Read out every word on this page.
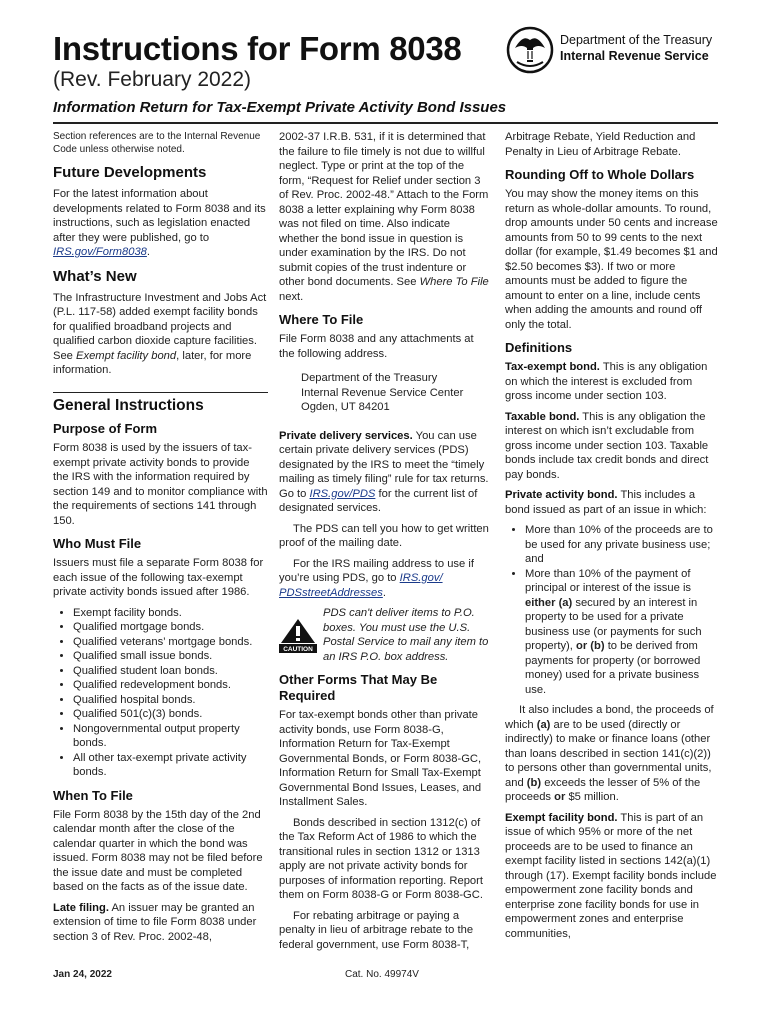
Instructions for Form 8038
(Rev. February 2022)
Information Return for Tax-Exempt Private Activity Bond Issues
Department of the Treasury
Internal Revenue Service

Section references are to the Internal Revenue Code unless otherwise noted.

Future Developments

For the latest information about developments related to Form 8038 and its instructions, such as legislation enacted after they were published, go to IRS.gov/Form8038.

What’s New

The Infrastructure Investment and Jobs Act (P.L. 117-58) added exempt facility bonds for qualified broadband projects and qualified carbon dioxide capture facilities. See Exempt facility bond, later, for more information.

General Instructions
Purpose of Form

Form 8038 is used by the issuers of tax-exempt private activity bonds to provide the IRS with the information required by section 149 and to monitor compliance with the requirements of sections 141 through 150.

Who Must File

Issuers must file a separate Form 8038 for each issue of the following tax-exempt private activity bonds issued after 1986.

• Exempt facility bonds.
• Qualified mortgage bonds.
• Qualified veterans’ mortgage bonds.
• Qualified small issue bonds.
• Qualified student loan bonds.
• Qualified redevelopment bonds.
• Qualified hospital bonds.
• Qualified 501(c)(3) bonds.
• Nongovernmental output property bonds.
• All other tax-exempt private activity bonds.
When To File

File Form 8038 by the 15th day of the 2nd calendar month after the close of the calendar quarter in which the bond was issued. Form 8038 may not be filed before the issue date and must be completed based on the facts as of the issue date.

Late filing. An issuer may be granted an extension of time to file Form 8038 under section 3 of Rev. Proc. 2002-48,

2002-37 I.R.B. 531, if it is determined that the failure to file timely is not due to willful neglect. Type or print at the top of the form, “Request for Relief under section 3 of Rev. Proc. 2002-48.” Attach to the Form 8038 a letter explaining why Form 8038 was not filed on time. Also indicate whether the bond issue in question is under examination by the IRS. Do not submit copies of the trust indenture or other bond documents. See Where To File next.

Where To File

File Form 8038 and any attachments at the following address.

Department of the Treasury
Internal Revenue Service Center
Ogden, UT 84201

Private delivery services. You can use certain private delivery services (PDS) designated by the IRS to meet the “timely mailing as timely filing” rule for tax returns. Go to IRS.gov/PDS for the current list of designated services.

The PDS can tell you how to get written proof of the mailing date.

For the IRS mailing address to use if you’re using PDS, go to IRS.gov/ PDSstreetAddresses.

CAUTION
PDS can't deliver items to P.O. boxes. You must use the U.S. Postal Service to mail any item to an IRS P.O. box address.
Other Forms That May Be Required

For tax-exempt bonds other than private activity bonds, use Form 8038-G, Information Return for Tax-Exempt Governmental Bonds, or Form 8038-GC, Information Return for Small Tax-Exempt Governmental Bond Issues, Leases, and Installment Sales.

Bonds described in section 1312(c) of the Tax Reform Act of 1986 to which the transitional rules in section 1312 or 1313 apply are not private activity bonds for purposes of information reporting. Report them on Form 8038-G or Form 8038-GC.

For rebating arbitrage or paying a penalty in lieu of arbitrage rebate to the federal government, use Form 8038-T,

Arbitrage Rebate, Yield Reduction and Penalty in Lieu of Arbitrage Rebate.

Rounding Off to Whole Dollars

You may show the money items on this return as whole-dollar amounts. To round, drop amounts under 50 cents and increase amounts from 50 to 99 cents to the next dollar (for example, $1.49 becomes $1 and $2.50 becomes $3). If two or more amounts must be added to figure the amount to enter on a line, include cents when adding the amounts and round off only the total.

Definitions

Tax-exempt bond. This is any obligation on which the interest is excluded from gross income under section 103.

Taxable bond. This is any obligation the interest on which isn’t excludable from gross income under section 103. Taxable bonds include tax credit bonds and direct pay bonds.

Private activity bond. This includes a bond issued as part of an issue in which:

• More than 10% of the proceeds are to be used for any private business use; and
• More than 10% of the payment of principal or interest of the issue is either (a) secured by an interest in property to be used for a private business use (or payments for such property), or (b) to be derived from payments for property (or borrowed money) used for a private business use.

It also includes a bond, the proceeds of which (a) are to be used (directly or indirectly) to make or finance loans (other than loans described in section 141(c)(2)) to persons other than governmental units, and (b) exceeds the lesser of 5% of the proceeds or $5 million.

Exempt facility bond. This is part of an issue of which 95% or more of the net proceeds are to be used to finance an exempt facility listed in sections 142(a)(1) through (17). Exempt facility bonds include empowerment zone facility bonds and enterprise zone facility bonds for use in empowerment zones and enterprise communities,

Jan 24, 2022	Cat. No. 49974V
